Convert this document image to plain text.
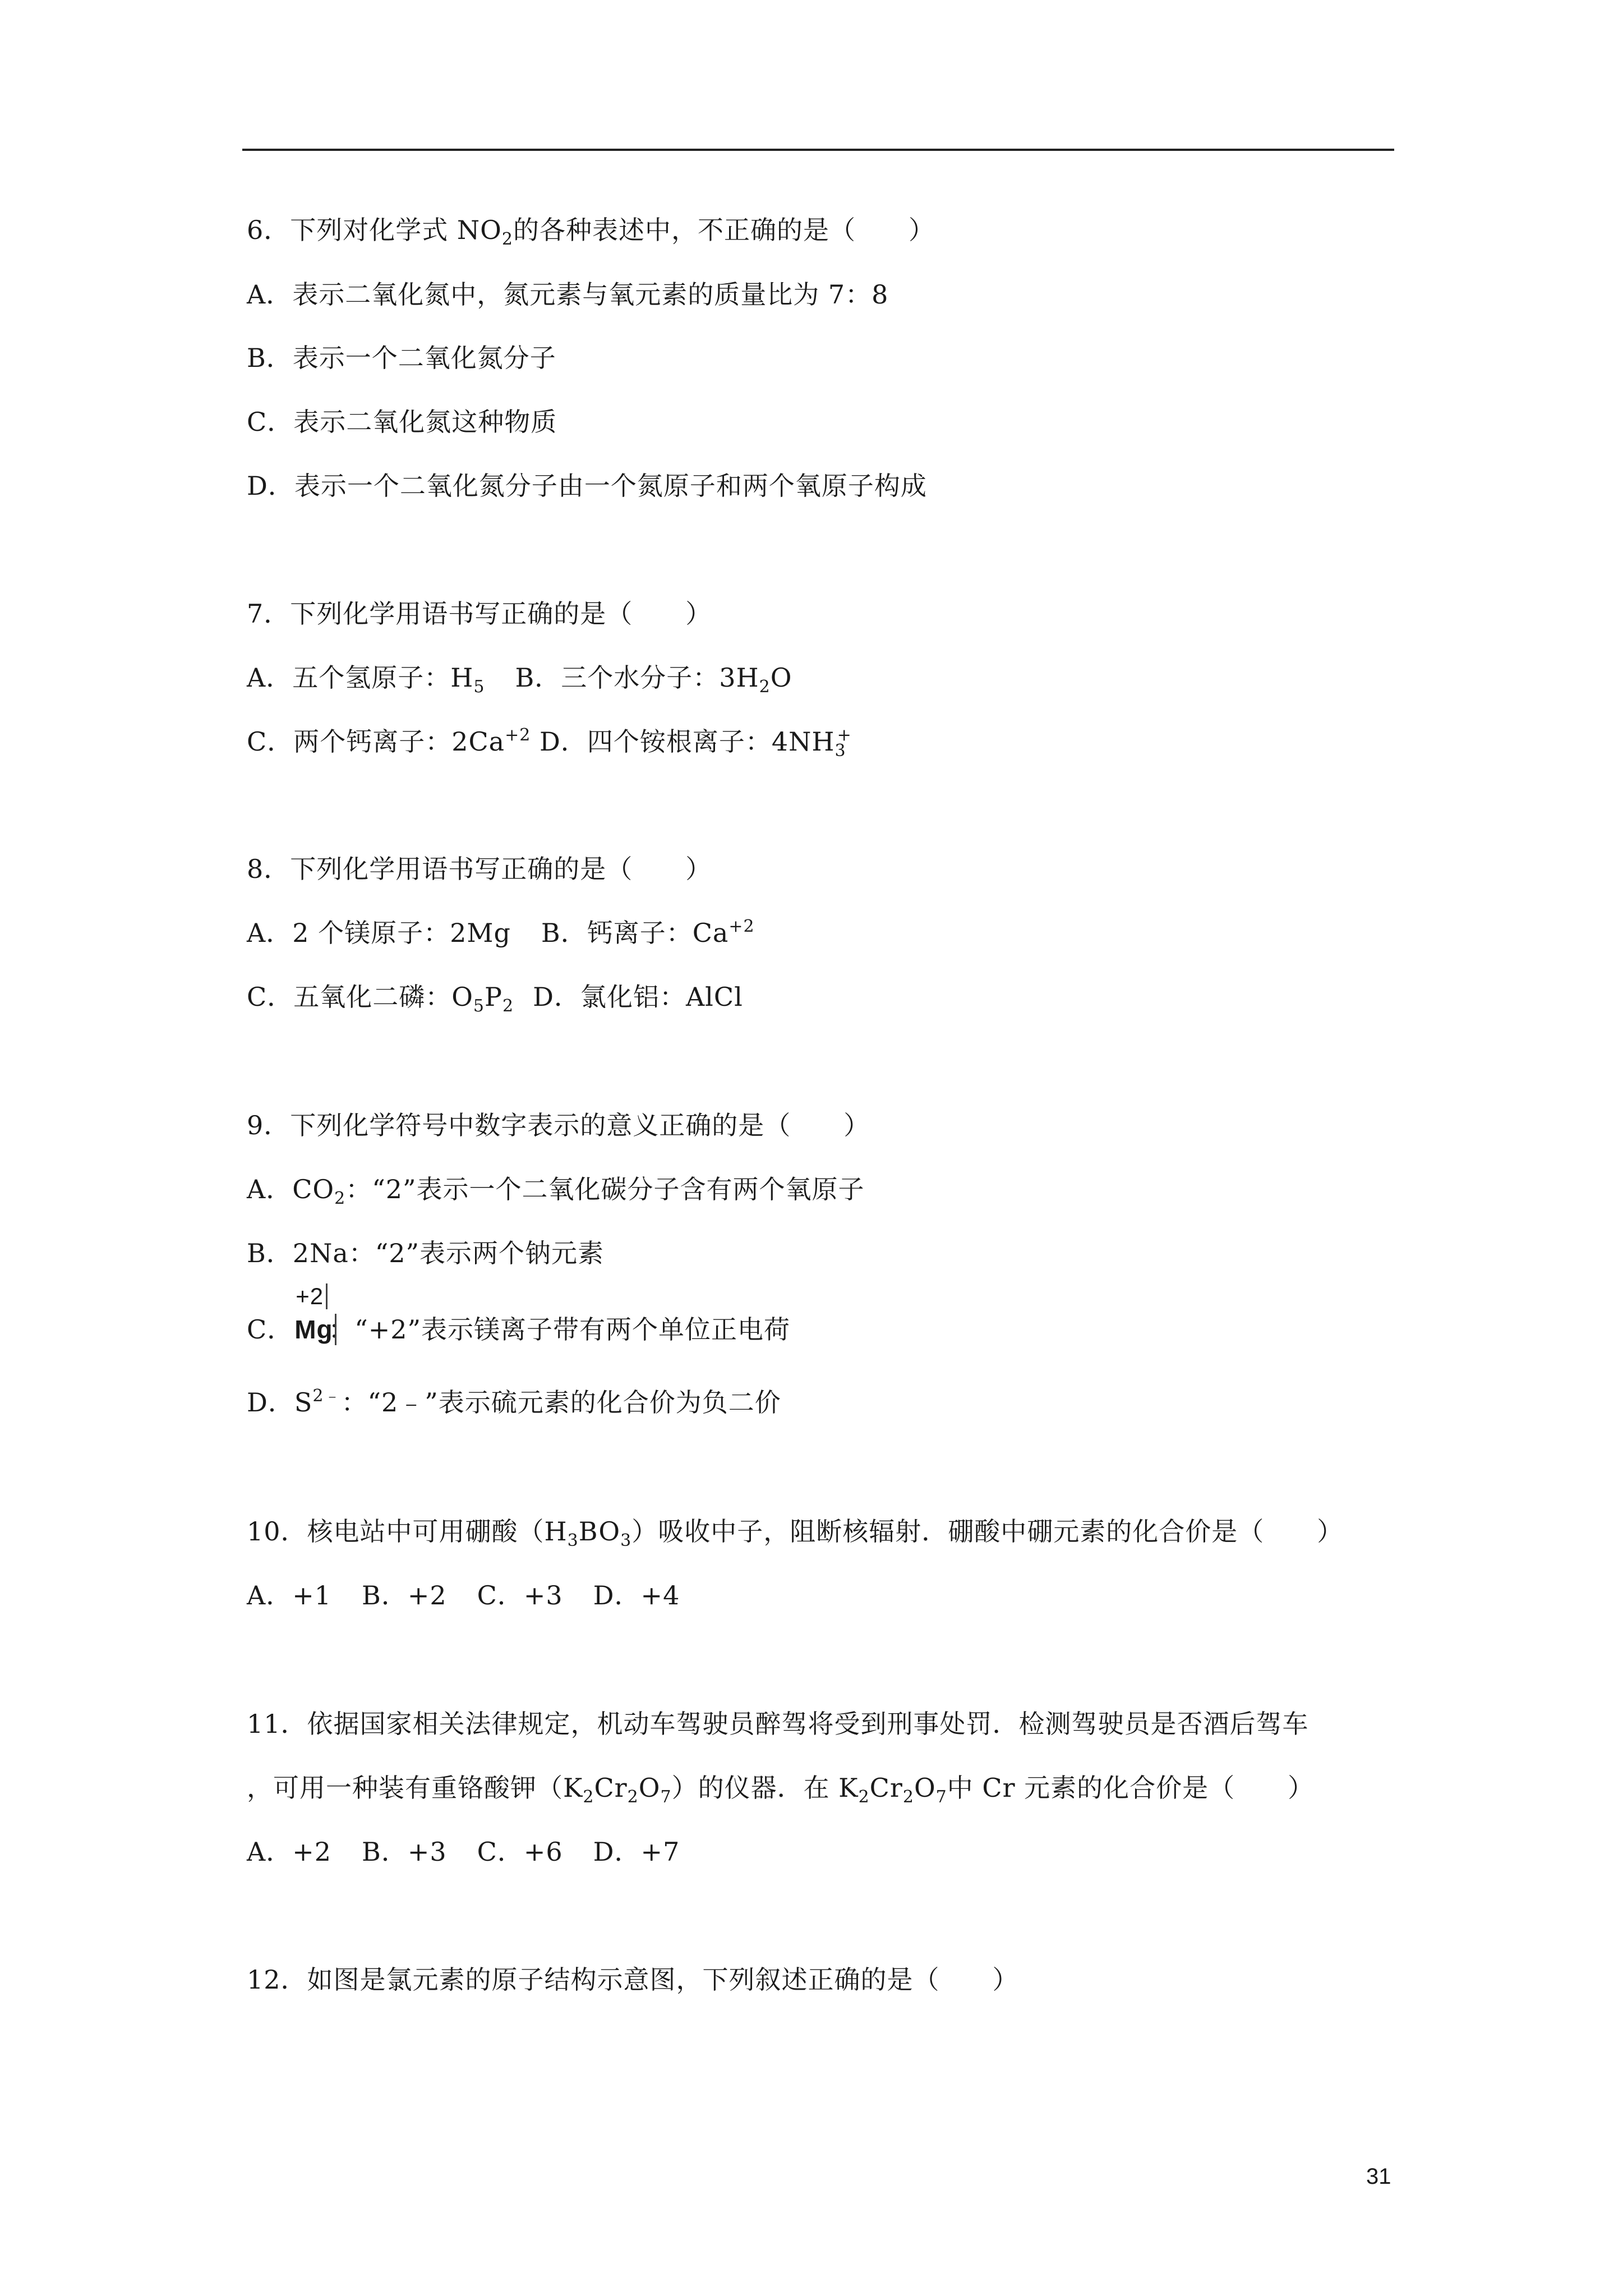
6．下列对化学式 $NO_2$的各种表述中，不正确的是（　　）
A．表示二氧化氮中，氮元素与氧元素的质量比为 7：8
B．表示一个二氧化氮分子
C．表示二氧化氮这种物质
D．表示一个二氧化氮分子由一个氮原子和两个氧原子构成
7．下列化学用语书写正确的是（　　）
A．五个氢原子：$H_5$ B．三个水分子：$3H_2O$
C．两个钙离子：$2Ca^{+2}$ D．四个铵根离子：$4NH_3^+$
8．下列化学用语书写正确的是（　　）
A．2 个镁原子：2Mg B．钙离子：$Ca^{+2}$
C．五氧化二磷：$O_5P_2$ D．氯化铝：AlCl
9．下列化学符号中数字表示的意义正确的是（　　）
A．$CO_2$：“2”表示一个二氧化碳分子含有两个氧原子
B．2Na：“2”表示两个钠元素
C．
+2
Mg
：“+2”表示镁离子带有两个单位正电荷
D．$S^{2﹣}$：“2﹣”表示硫元素的化合价为负二价
10．核电站中可用硼酸$(H_3BO_3)$吸收中子，阻断核辐射．硼酸中硼元素的化合价是（　　）
A．+1 B．+2 C．+3 D．+4
11．依据国家相关法律规定，机动车驾驶员醉驾将受到刑事处罚．检测驾驶员是否酒后驾车
，可用一种装有重铬酸钾$(K_2Cr_2O_7)$的仪器．在 $K_2Cr_2O_7$中 Cr 元素的化合价是（　　）
A．+2 B．+3 C．+6 D．+7
12．如图是氯元素的原子结构示意图，下列叙述正确的是（　　）
31
